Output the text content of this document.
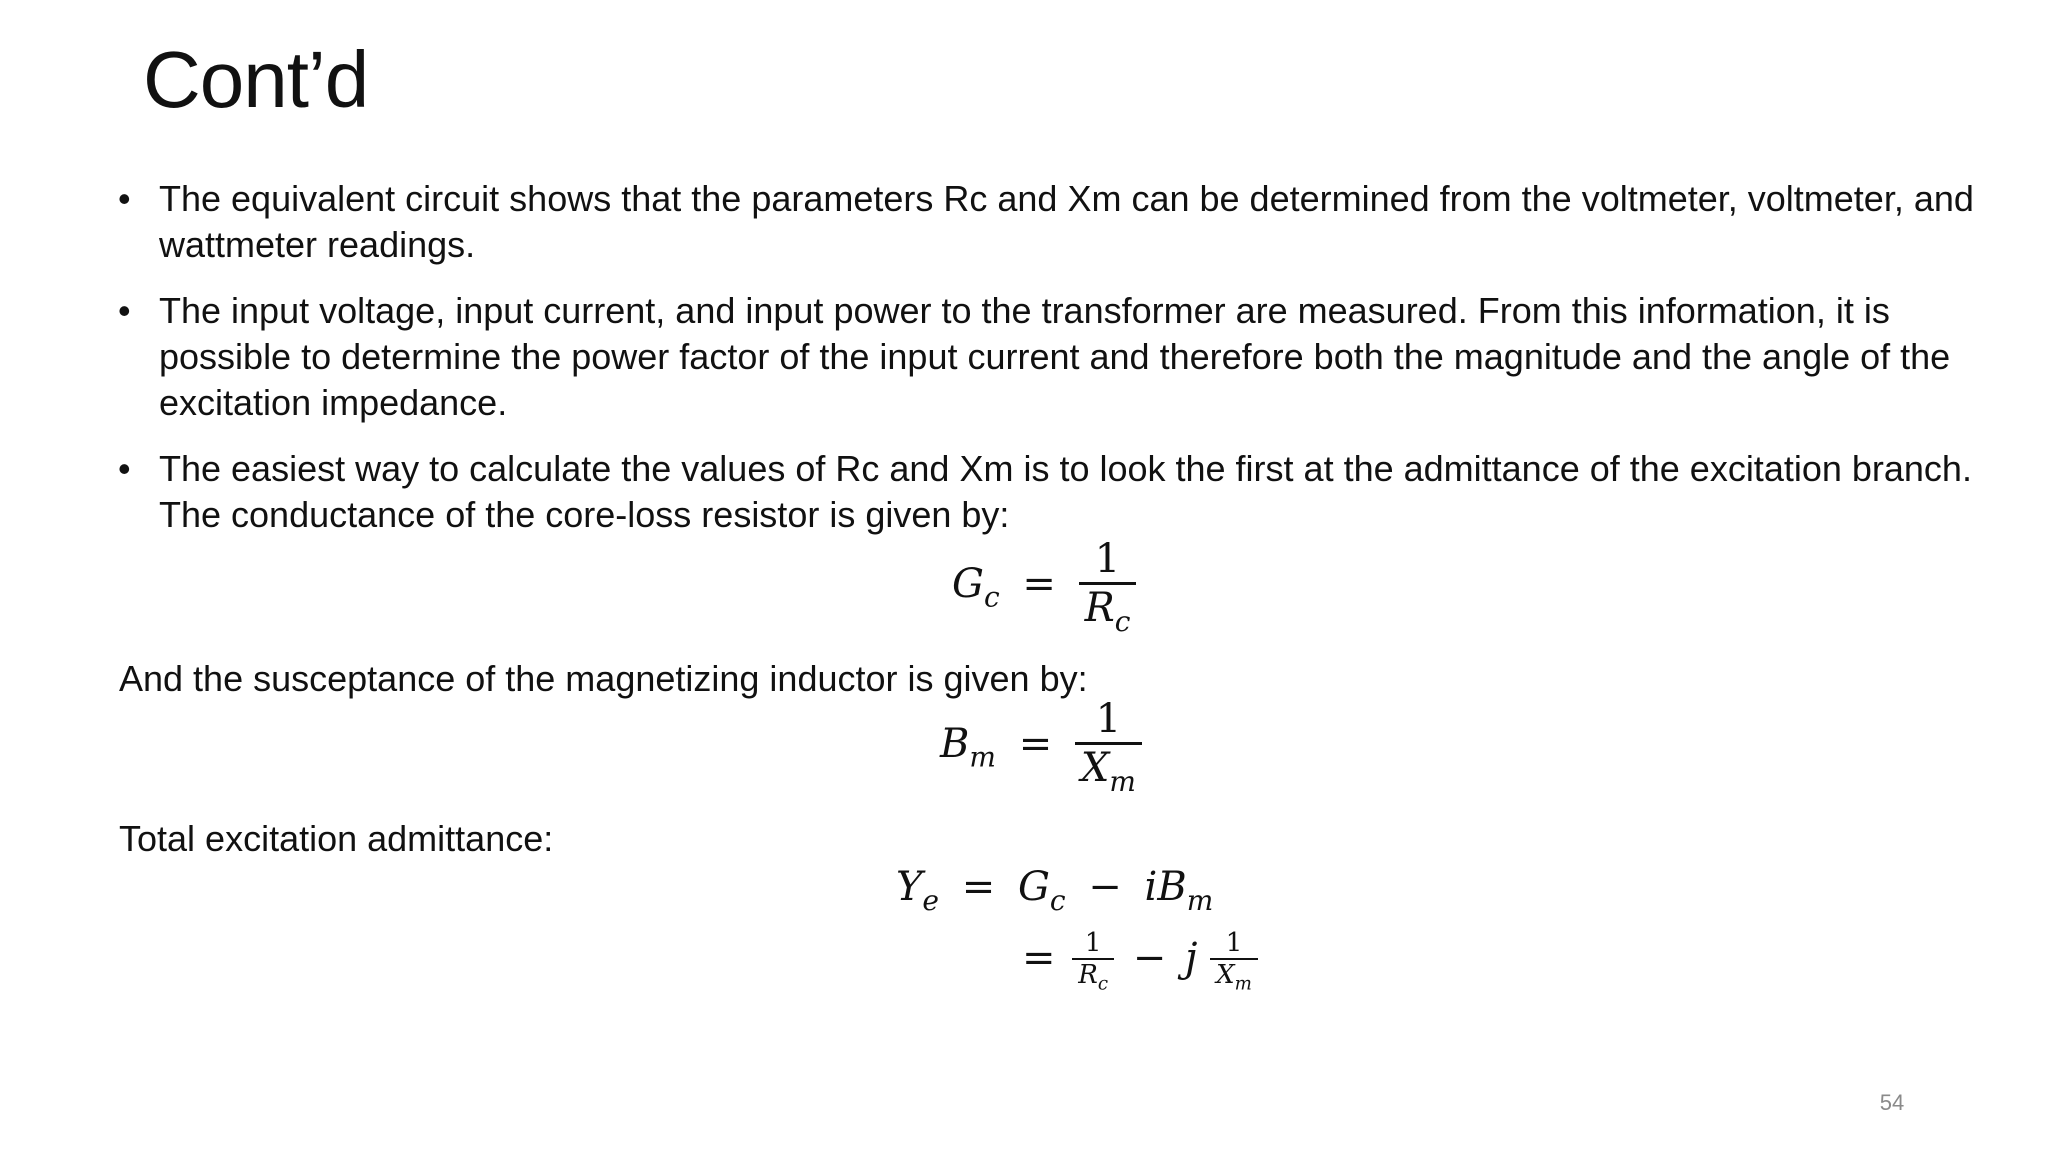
Cont’d
• The equivalent circuit shows that the parameters Rc and Xm can be determined from the voltmeter, voltmeter, and wattmeter readings.
• The input voltage, input current, and input power to the transformer are measured. From this information, it is possible to determine the power factor of the input current and therefore both the magnitude and the angle of the excitation impedance.
• The easiest way to calculate the values of Rc and Xm is to look the first at the admittance of the excitation branch. The conductance of the core-loss resistor is given by:
$G_c = \frac{1}{R_c}$
And the susceptance of the magnetizing inductor is given by:
$B_m = \frac{1}{X_m}$
Total excitation admittance:
$Y_e = G_c - iB_m$
= $\frac{1}{R_c} - j \frac{1}{X_m}$
54
